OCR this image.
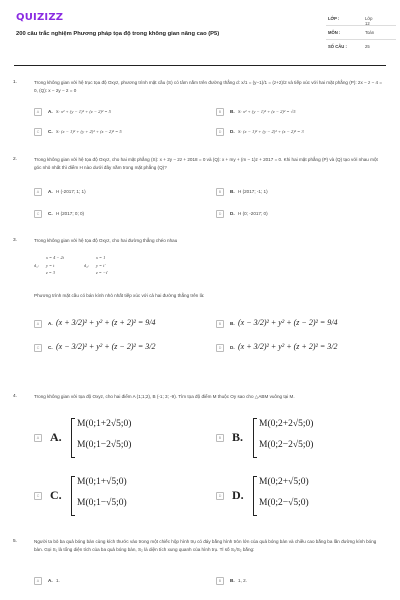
QUIZIZZ
200 câu trắc nghiệm Phương pháp tọa độ trong không gian nâng cao (P5)
LỚP :	Lớp 12
MÔN :	Toán
SỐ CÂU :	25
1.	Trong không gian với hệ trục tọa độ Oxyz, phương trình mặt cầu (S) có tâm nằm trên đường thẳng d: x/1 = (y−1)/1 = (z+2)/2 và tiếp xúc với hai mặt phẳng (P): 2x − z − 4 = 0, (Q): x − 2y − 2 = 0
A	A. S: x² + (y − 1)² + (z − 2)² = 5	B	B. S: x² + (y − 1)² + (z − 2)² = √5
C	C. S: (x − 1)² + (y + 2)² + (z − 2)² = 5	D	D. S: (x − 1)² + (y − 2)² + (z − 2)² = 3
2.	Trong không gian với hệ tọa độ Oxyz, cho hai mặt phẳng (S): x + 2y − 2z + 2018 = 0 và (Q): x + my + (m − 1)z + 2017 = 0. Khi hai mặt phẳng (P) và (Q) tạo với nhau một góc nhỏ nhất thì điểm H nào dưới đây nằm trong mặt phẳng (Q)?
A	A. H (-2017; 1; 1)	B	B. H (2017; -1; 1)
C	C. H (2017; 0; 0)	D	D. H (0; -2017; 0)
3.	Trong không gian với hệ tọa độ Oxyz, cho hai đường thẳng chéo nhau
x = 4 − 2t
d₁: y = t
z = 3
x = 1
d₂: y = t'
z = −t'
Phương trình mặt cầu có bán kính nhỏ nhất tiếp xúc với cả hai đường thẳng trên là:
A	A. (x + 3/2)² + y² + (z + 2)² = 9/4	B	B. (x − 3/2)² + y² + (z − 2)² = 9/4
C	C. (x − 3/2)² + y² + (z − 2)² = 3/2	D	D. (x + 3/2)² + y² + (z + 2)² = 3/2
4.	Trong không gian với tọa độ Oxyz, cho hai điểm A (1;1;2), B (-1; 3; -9). Tìm tọa độ điểm M thuộc Oy sao cho △ABM vuông tại M.
A A.
M(0;1+2√5;0)
M(0;1−2√5;0)
B B.
M(0;2+2√5;0)
M(0;2−2√5;0)
C C.
M(0;1+√5;0)
M(0;1−√5;0)
D D.
M(0;2+√5;0)
M(0;2−√5;0)
5.	Người ta bỏ ba quả bóng bàn cùng kích thước vào trong một chiếc hộp hình trụ có đáy bằng hình tròn lớn của quả bóng bàn và chiều cao bằng ba lần đường kính bóng bàn. Gọi S₁ là tổng diện tích của ba quả bóng bàn, S₂ là diện tích xung quanh của hình trụ. Tỉ số S₁/S₂ bằng:
A	A. 1.	B	B. 1, 2.
